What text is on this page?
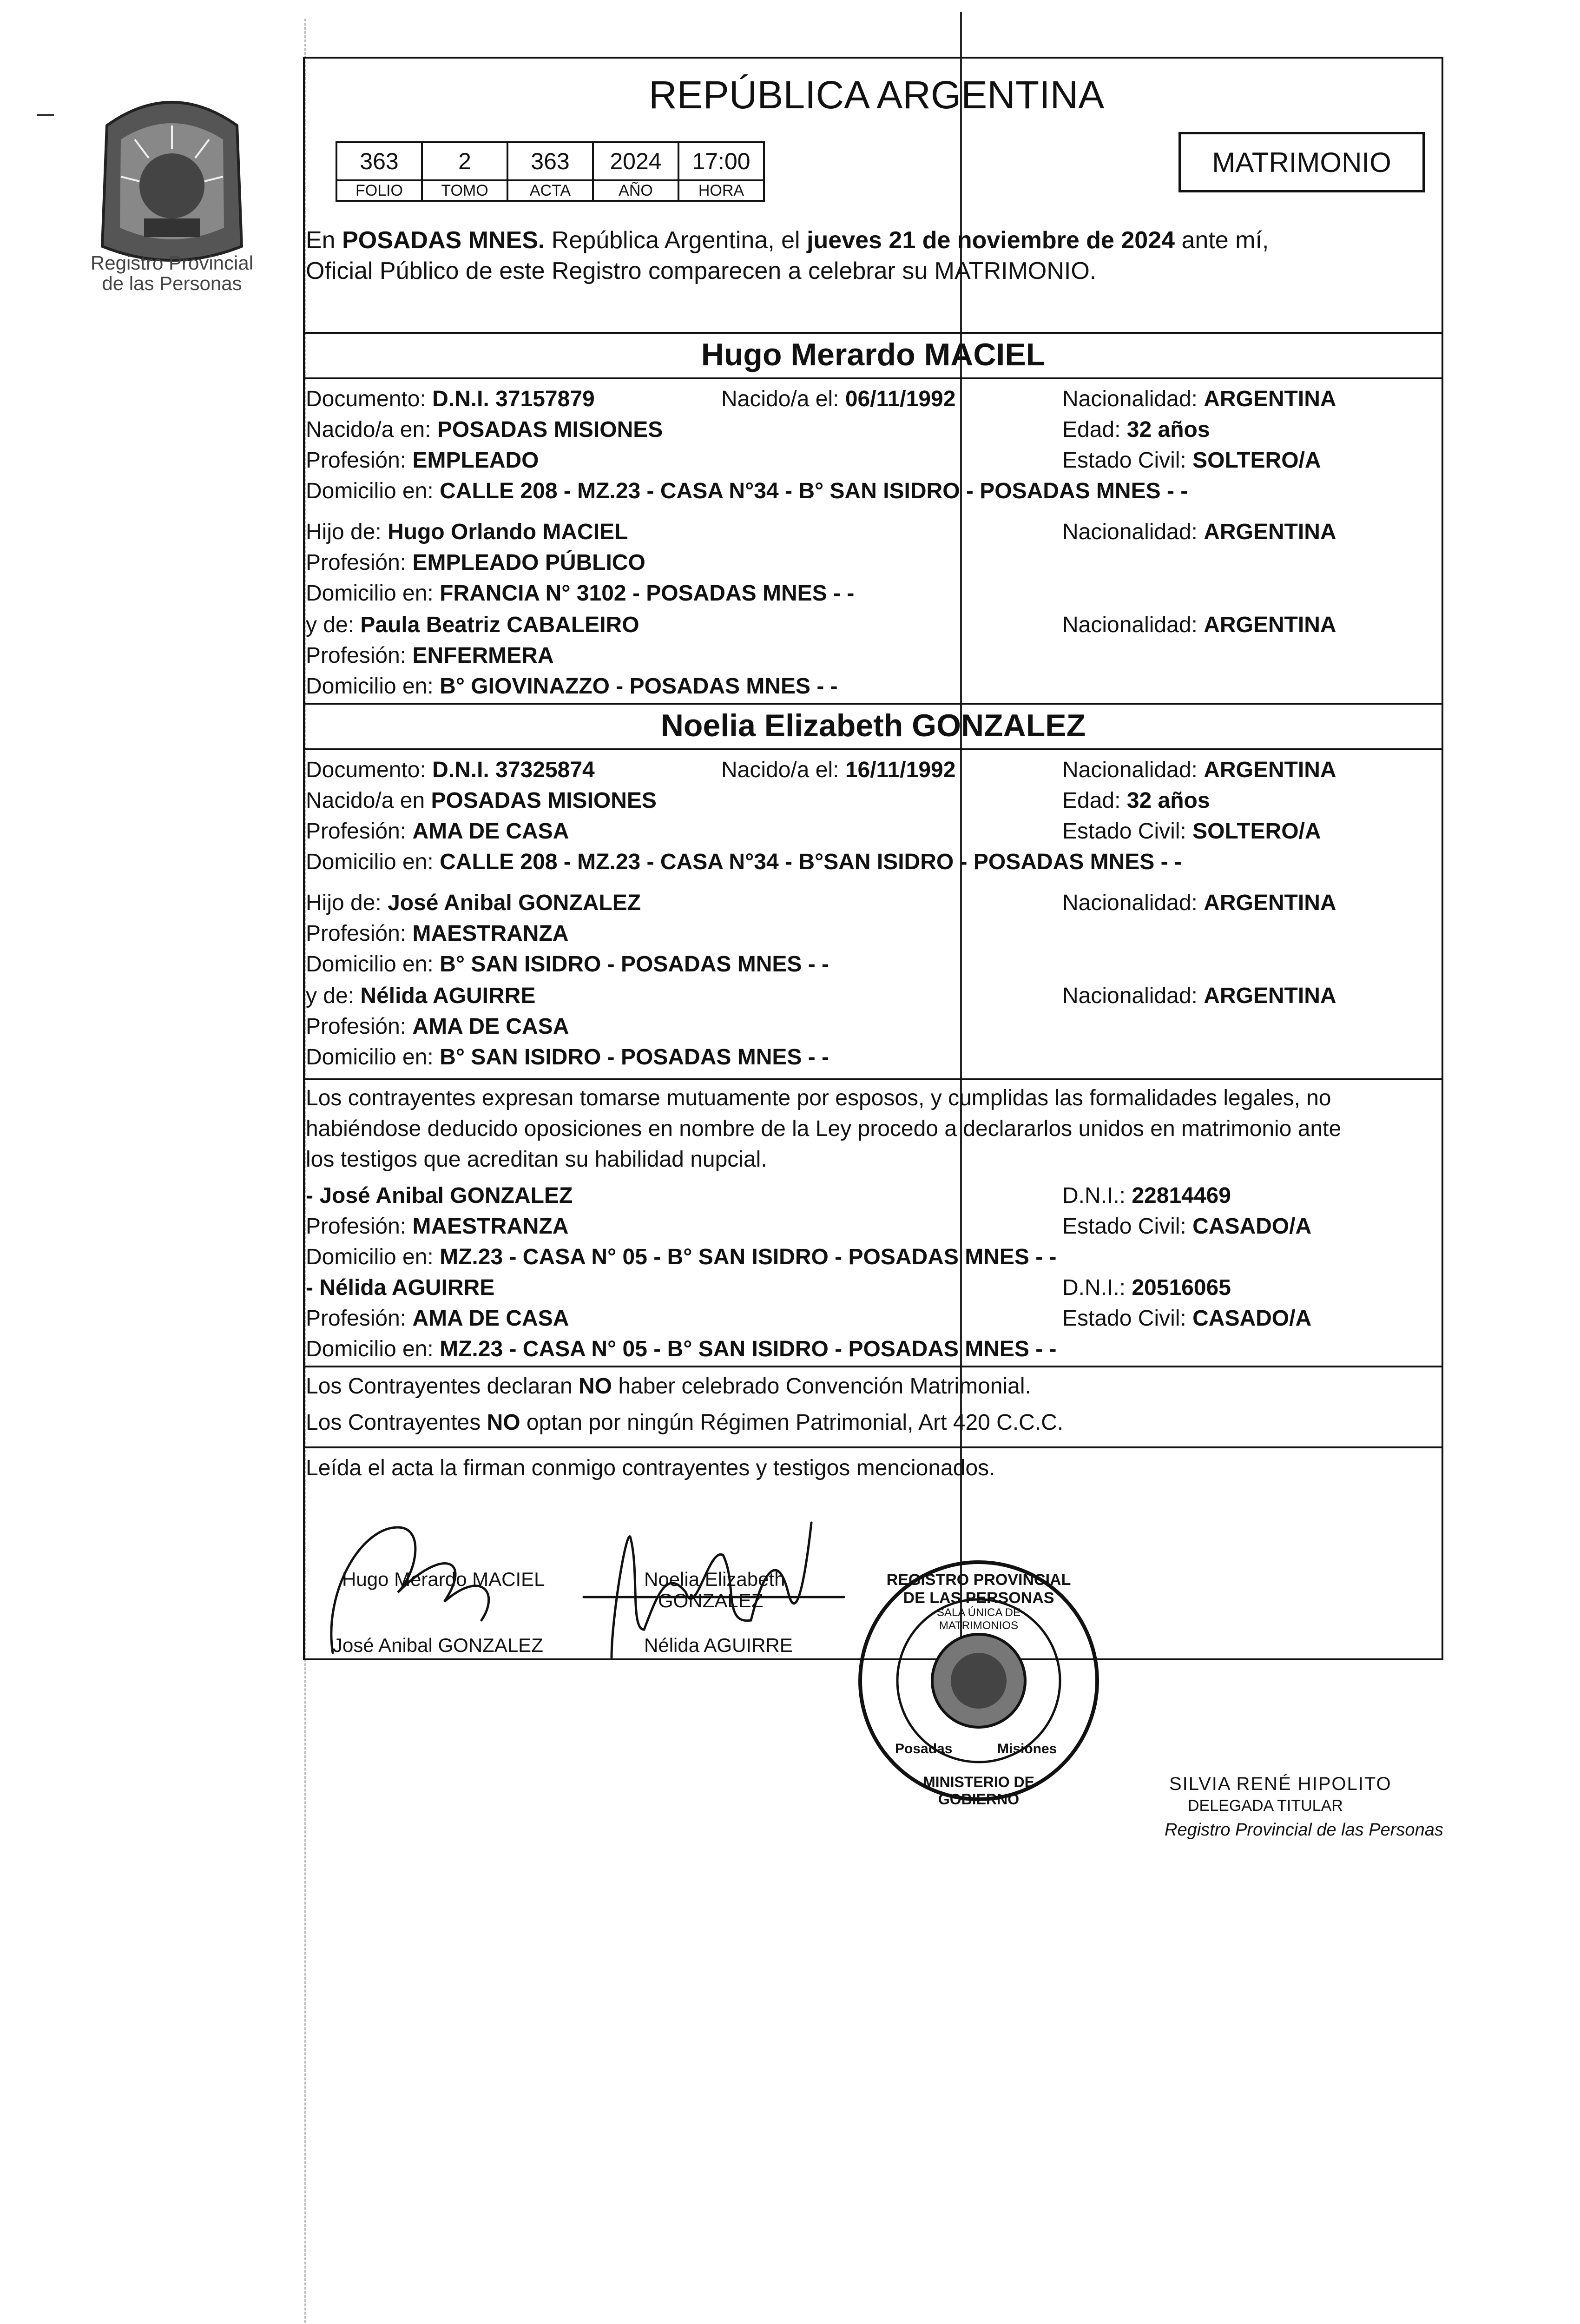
Registro Provincial
de las Personas
REPÚBLICA ARGENTINA
363	2	363	2024	17:00
FOLIO	TOMO	ACTA	AÑO	HORA
MATRIMONIO
En POSADAS MNES. República Argentina, el jueves 21 de noviembre de 2024 ante mí,
Oficial Público de este Registro comparecen a celebrar su MATRIMONIO.
Hugo Merardo MACIEL
Documento: D.N.I. 37157879	Nacido/a el: 06/11/1992	Nacionalidad: ARGENTINA
Nacido/a en: POSADAS MISIONES	Edad: 32 años
Profesión: EMPLEADO	Estado Civil: SOLTERO/A
Domicilio en: CALLE 208 - MZ.23 - CASA N°34 - B° SAN ISIDRO - POSADAS MNES - -
Hijo de: Hugo Orlando MACIEL	Nacionalidad: ARGENTINA
Profesión: EMPLEADO PÚBLICO
Domicilio en: FRANCIA N° 3102 - POSADAS MNES - -
y de: Paula Beatriz CABALEIRO	Nacionalidad: ARGENTINA
Profesión: ENFERMERA
Domicilio en: B° GIOVINAZZO - POSADAS MNES - -
Noelia Elizabeth GONZALEZ
Documento: D.N.I. 37325874	Nacido/a el: 16/11/1992	Nacionalidad: ARGENTINA
Nacido/a en POSADAS MISIONES	Edad: 32 años
Profesión: AMA DE CASA	Estado Civil: SOLTERO/A
Domicilio en: CALLE 208 - MZ.23 - CASA N°34 - B°SAN ISIDRO - POSADAS MNES - -
Hijo de: José Anibal GONZALEZ	Nacionalidad: ARGENTINA
Profesión: MAESTRANZA
Domicilio en: B° SAN ISIDRO - POSADAS MNES - -
y de: Nélida AGUIRRE	Nacionalidad: ARGENTINA
Profesión: AMA DE CASA
Domicilio en: B° SAN ISIDRO - POSADAS MNES - -
Los contrayentes expresan tomarse mutuamente por esposos, y cumplidas las formalidades legales, no
habiéndose deducido oposiciones en nombre de la Ley procedo a declararlos unidos en matrimonio ante
los testigos que acreditan su habilidad nupcial.
- José Anibal GONZALEZ	D.N.I.: 22814469
Profesión: MAESTRANZA	Estado Civil: CASADO/A
Domicilio en: MZ.23 - CASA N° 05 - B° SAN ISIDRO - POSADAS MNES - -
- Nélida AGUIRRE	D.N.I.: 20516065
Profesión: AMA DE CASA	Estado Civil: CASADO/A
Domicilio en: MZ.23 - CASA N° 05 - B° SAN ISIDRO - POSADAS MNES - -
Los Contrayentes declaran NO haber celebrado Convención Matrimonial.
Los Contrayentes NO optan por ningún Régimen Patrimonial, Art 420 C.C.C.
Leída el acta la firman conmigo contrayentes y testigos mencionados.
Hugo Merardo MACIEL	Noelia Elizabeth
GONZALEZ
José Anibal GONZALEZ	Nélida AGUIRRE
REGISTRO PROVINCIAL DE LAS PERSONAS
SALA ÚNICA DE MATRIMONIOS
Posadas	Misiones
MINISTERIO DE GOBIERNO
SILVIA RENÉ HIPOLITO
DELEGADA TITULAR
Registro Provincial de las Personas
